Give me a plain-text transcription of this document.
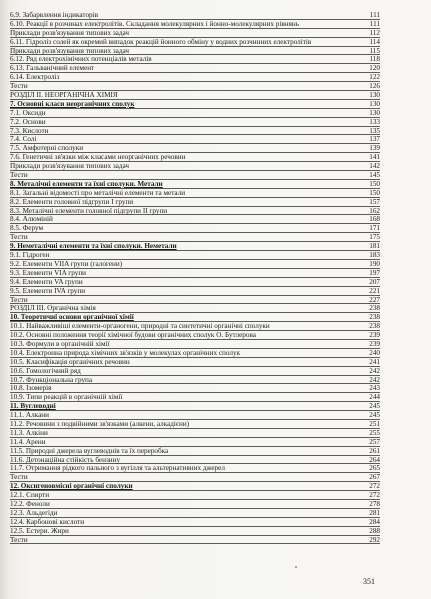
6.9. Забарвлення індикаторів	111
6.10. Реакції в розчинах електролітів. Складання молекулярних і йонно-молекулярних рівнянь	111
Приклади розв'язування типових задач	112
6.11. Гідроліз солей як окремий випадок реакцій йонного обміну у водних розчинних електролітів	114
Приклади розв'язування типових задач	115
6.12. Ряд електрохімічних потенціалів металів	118
6.13. Гальванічний елемент	120
6.14. Електроліз	122
Тести	126
РОЗДІЛ II. НЕОРГАНІЧНА ХІМІЯ	130
7. Основні класи неорганічних сполук	130
7.1. Оксиди	130
7.2. Основи	133
7.3. Кислоти	135
7.4. Солі	137
7.5. Амфотерні сполуки	139
7.6. Генетичні зв'язки між класами неорганічних речовин	141
Приклади розв'язування типових задач	142
Тести	145
8. Металічні елементи та їхні сполуки. Метали	150
8.1. Загальні відомості про металічні елементи та метали	150
8.2. Елементи головної підгрупи I групи	157
8.3. Металічні елементи головної підгрупи II групи	162
8.4. Алюміній	168
8.5. Ферум	171
Тести	175
9. Неметалічні елементи та їхні сполуки. Неметали	181
9.1. Гідроген	183
9.2. Елементи VIIA групи (галогени)	190
9.3. Елементи VIA групи	197
9.4. Елементи VA групи	207
9.5. Елементи IVA групи	221
Тести	227
РОЗДІЛ III. Органічна хімія	238
10. Теоретичні основи органічної хімії	238
10.1. Найважливіші елементи-органогени, природні та синтетичні органічні сполуки	238
10.2. Основні положення теорії хімічної будови органічних сполук О. Бутлерова	239
10.3. Формули в органічній хімії	239
10.4. Електронна природа хімічних зв'язків у молекулах органічних сполук	240
10.5. Класифікація органічних речовин	241
10.6. Гомологічний ряд	242
10.7. Функціональна група	242
10.8. Ізомерія	243
10.9. Типи реакцій в органічній хімії	244
11. Вуглеводні	245
11.1. Алкани	245
11.2. Речовини з подвійними зв'язками (алкени, алкадієни)	251
11.3. Алкіни	255
11.4. Арени	257
11.5. Природні джерела вуглеводнів та їх переробка	261
11.6. Детонаційна стійкість бензину	264
11.7. Отримання рідкого пального з вугілля та альтернативних джерел	265
Тести	267
12. Оксигеновмісні органічні сполуки	272
12.1. Спирти	272
12.2. Феноли	278
12.3. Альдегіди	281
12.4. Карбонові кислоти	284
12.5. Естери. Жири	288
Тести	292
351
